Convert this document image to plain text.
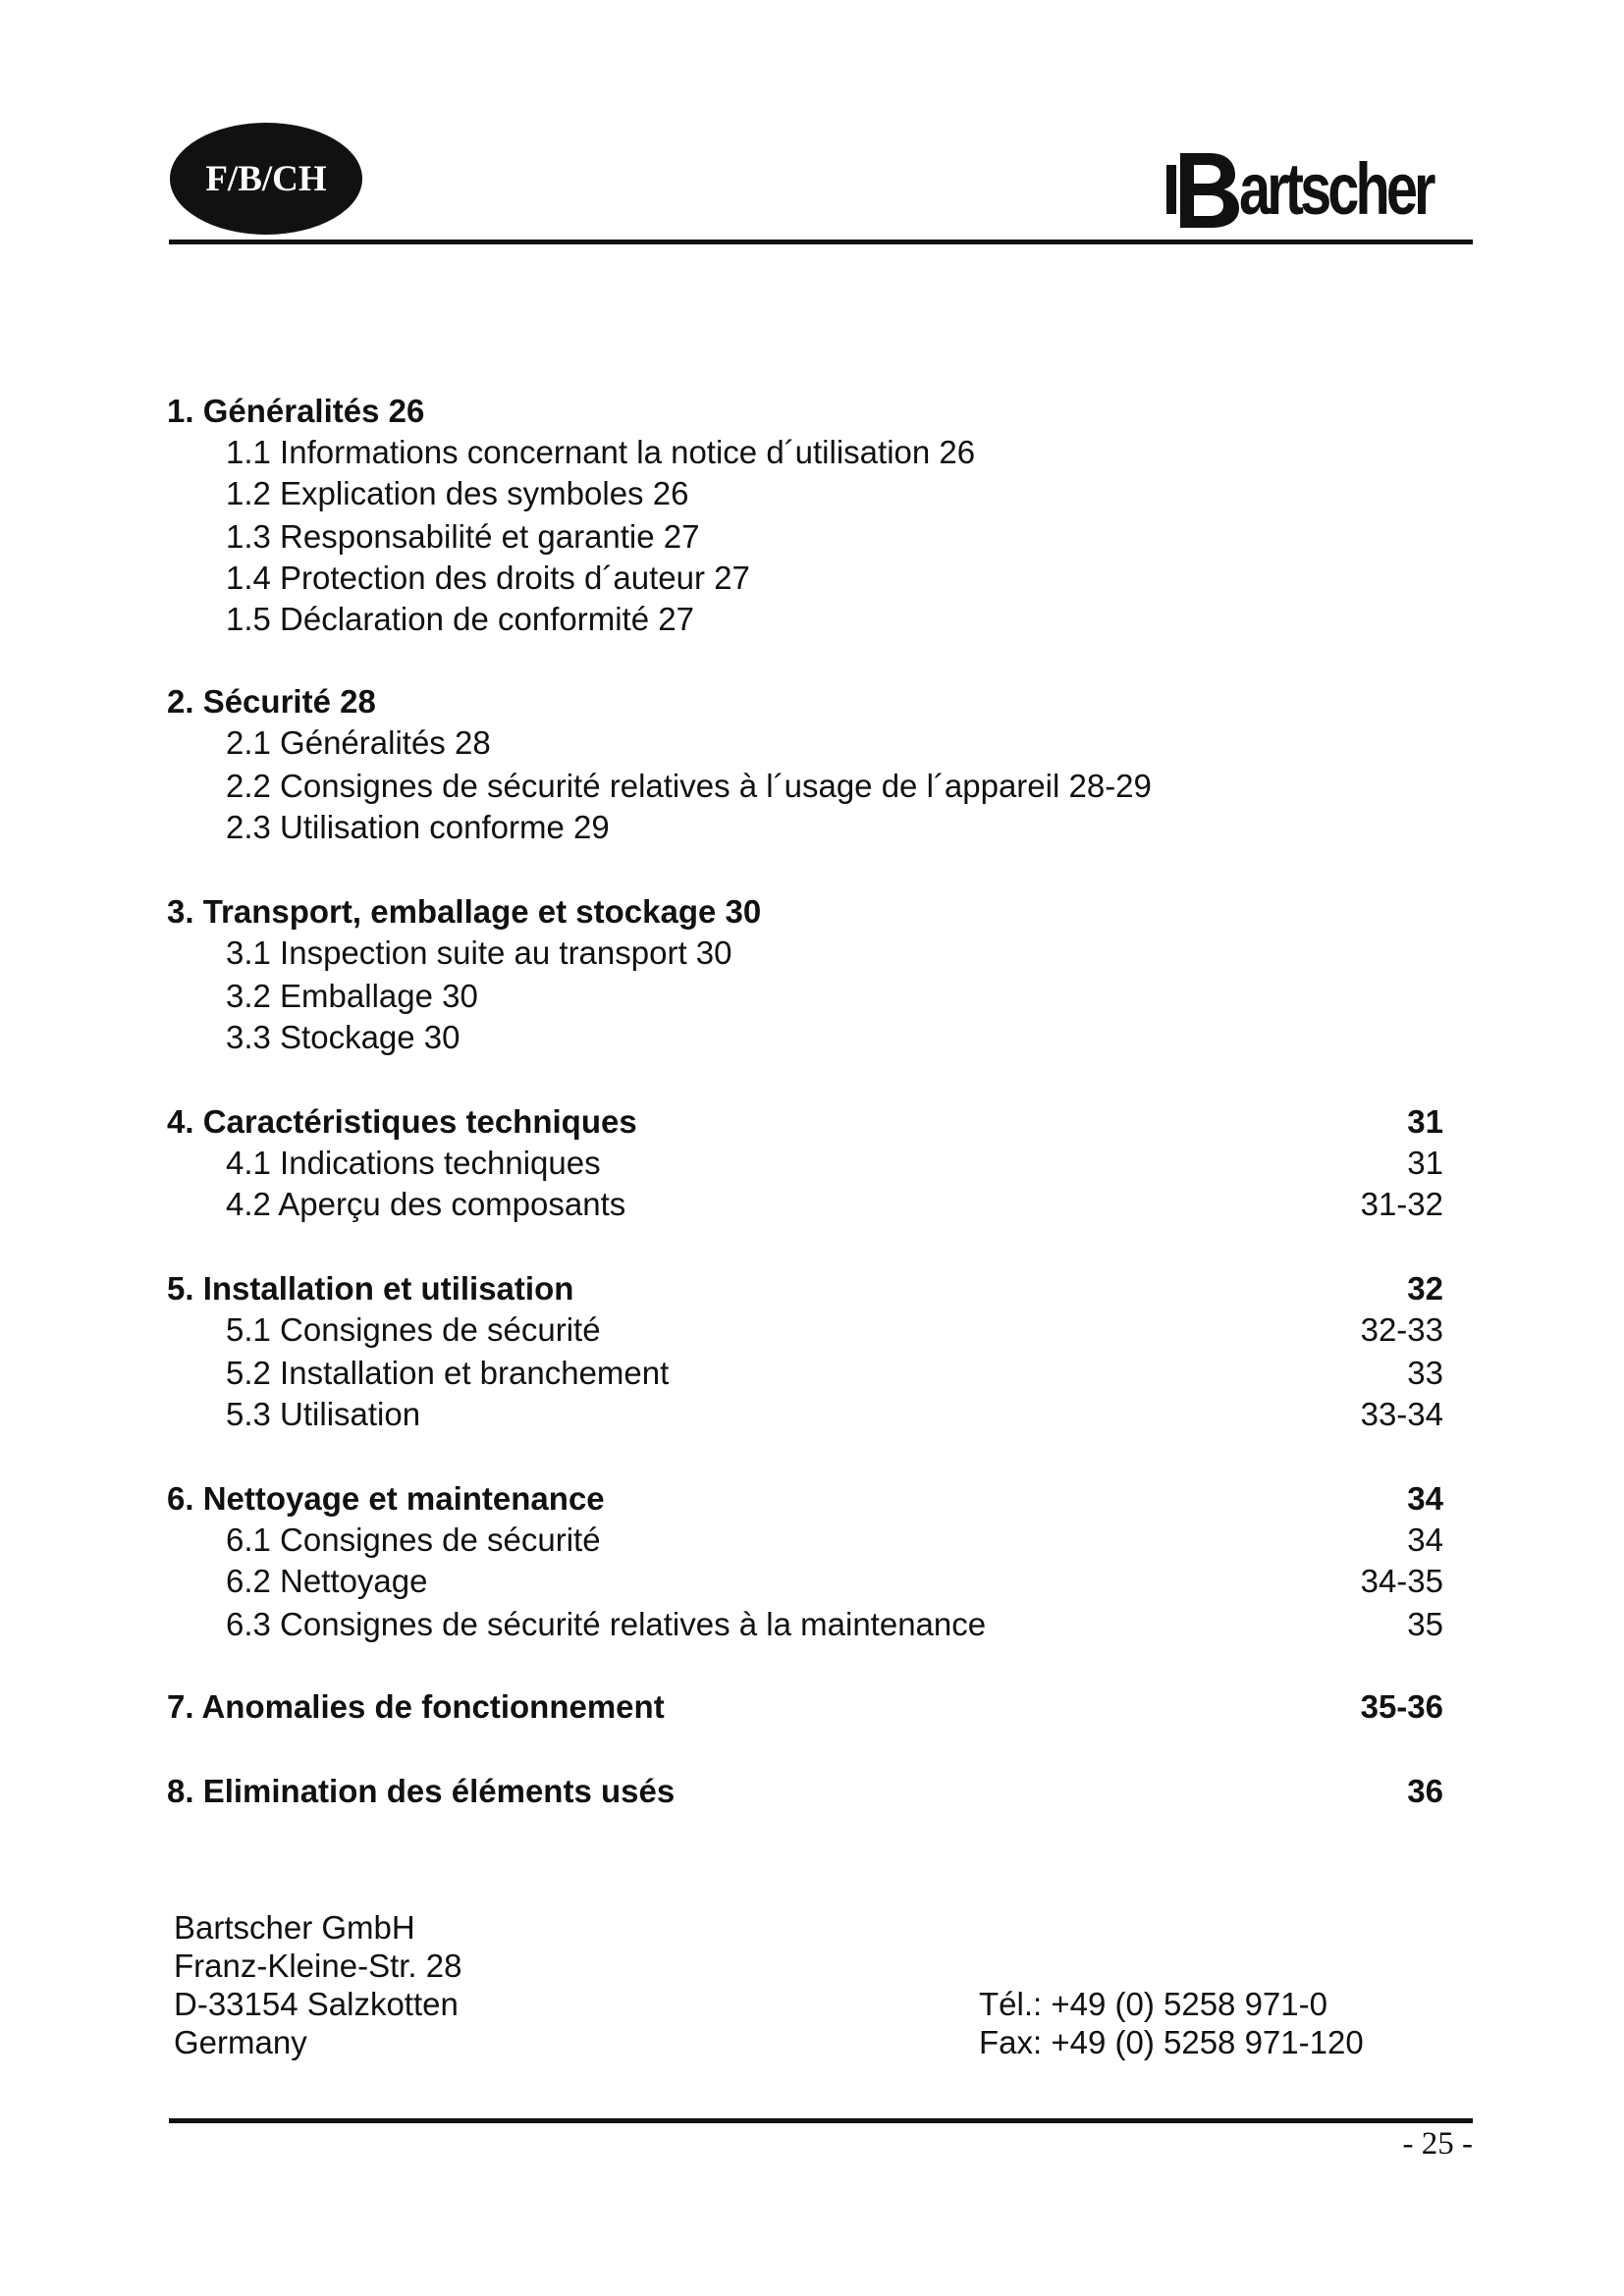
F/B/CH	artscher
1. Généralités 26
1.1 Informations concernant la notice d´utilisation 26
1.2 Explication des symboles 26
1.3 Responsabilité et garantie 27
1.4 Protection des droits d´auteur 27
1.5 Déclaration de conformité 27
2. Sécurité 28
2.1 Généralités 28
2.2 Consignes de sécurité relatives à l´usage de l´appareil 28-29
2.3 Utilisation conforme 29
3. Transport, emballage et stockage 30
3.1 Inspection suite au transport 30
3.2 Emballage 30
3.3 Stockage 30
4. Caractéristiques techniques	31
4.1 Indications techniques	31
4.2 Aperçu des composants	31-32
5. Installation et utilisation	32
5.1 Consignes de sécurité	32-33
5.2 Installation et branchement	33
5.3 Utilisation	33-34
6. Nettoyage et maintenance	34
6.1 Consignes de sécurité	34
6.2 Nettoyage	34-35
6.3 Consignes de sécurité relatives à la maintenance	35
7. Anomalies de fonctionnement	35-36
8. Elimination des éléments usés	36
Bartscher GmbH
Franz-Kleine-Str. 28
D-33154 Salzkotten
Germany
Tél.: +49 (0) 5258 971-0
Fax: +49 (0) 5258 971-120
- 25 -
